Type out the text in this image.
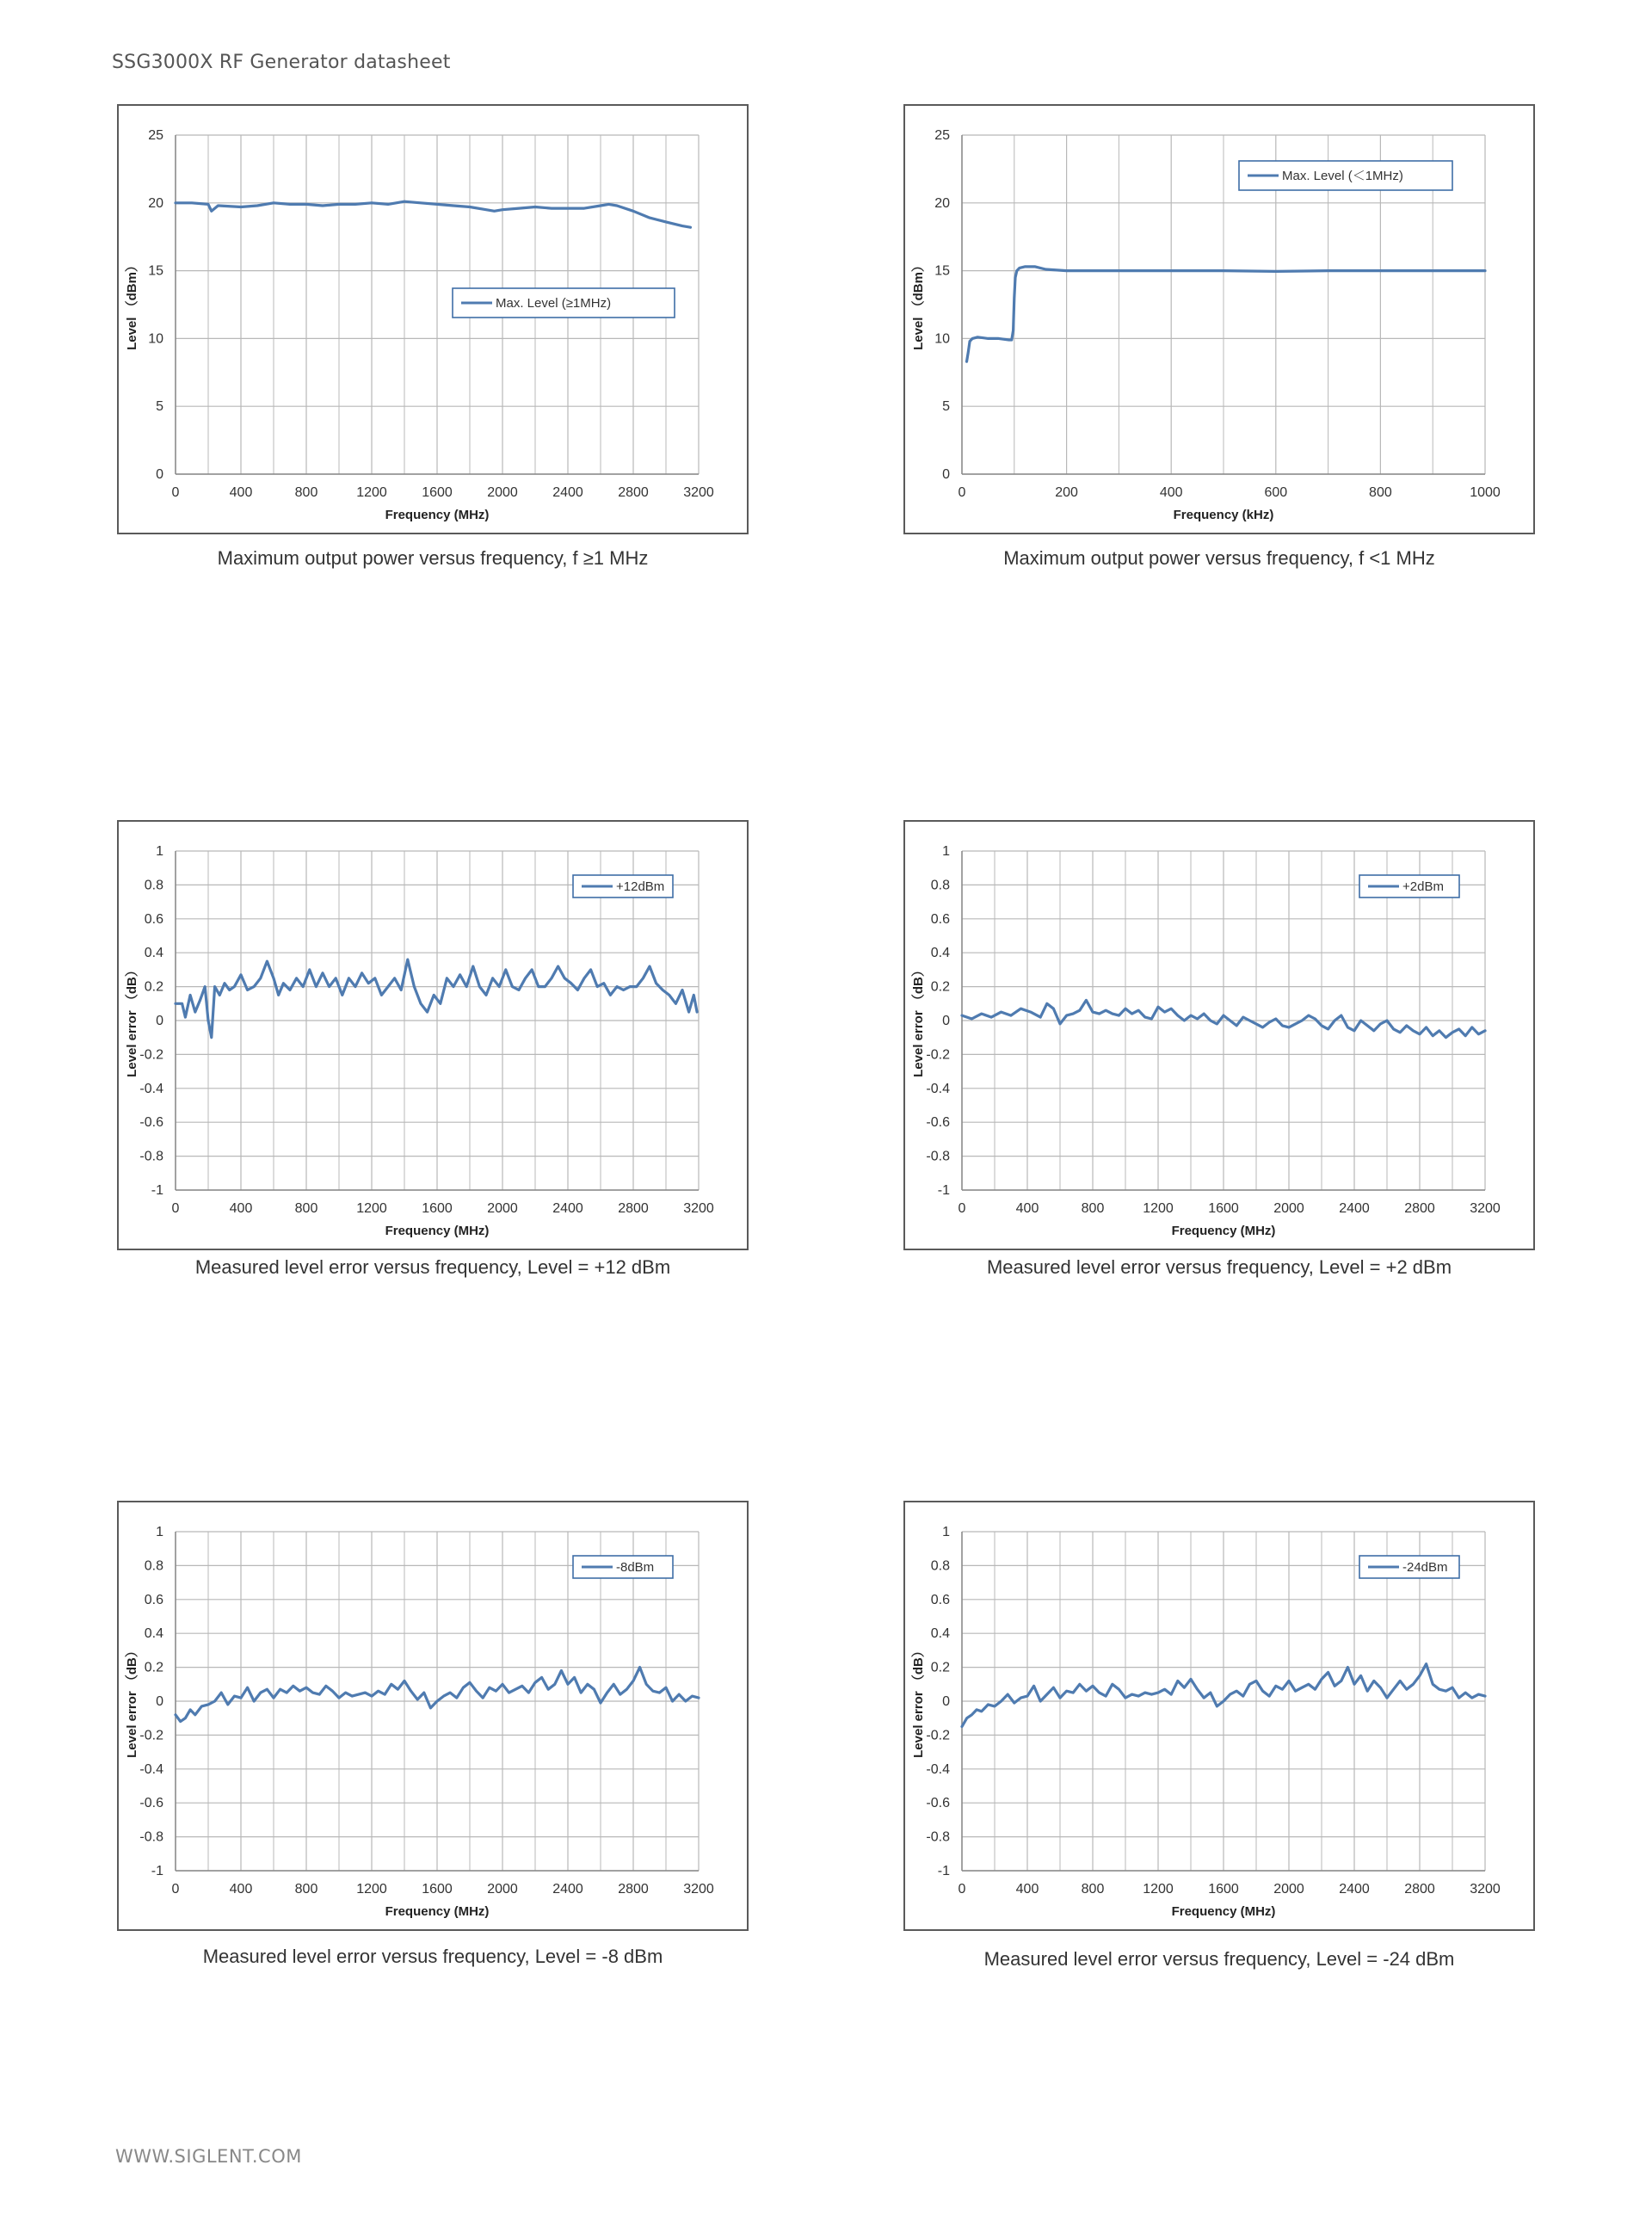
SSG3000X RF Generator datasheet
0	400	800	1200	1600	2000	2400	2800	3200
0
5
10
15
20
25
Frequency (MHz)
Level （dBm）	Max. Level (≥1MHz)
Maximum output power versus frequency, f ≥1 MHz
0	200	400	600	800	1000
0
5
10
15
20
25
Frequency (kHz)
Level （dBm）
Max. Level (＜1MHz)
Maximum output power versus frequency, f <1 MHz
0	400	800	1200	1600	2000	2400	2800	3200
-1
-0.8
-0.6
-0.4
-0.2
0
0.2
0.4
0.6
0.8
1
Frequency (MHz)
Level error （dB）
+12dBm
Measured level error versus frequency, Level = +12 dBm
0	400	800	1200	1600	2000	2400	2800	3200
-1
-0.8
-0.6
-0.4
-0.2
0
0.2
0.4
0.6
0.8
1
Frequency (MHz)
Level error （dB）
+2dBm
Measured level error versus frequency, Level = +2 dBm
0	400	800	1200	1600	2000	2400	2800	3200
-1
-0.8
-0.6
-0.4
-0.2
0
0.2
0.4
0.6
0.8
1
Frequency (MHz)
Level error （dB）
-8dBm
Measured level error versus frequency, Level = -8 dBm
0	400	800	1200	1600	2000	2400	2800	3200
-1
-0.8
-0.6
-0.4
-0.2
0
0.2
0.4
0.6
0.8
1
Frequency (MHz)
Level error （dB）
-24dBm
Measured level error versus frequency, Level = -24 dBm
WWW.SIGLENT.COM
